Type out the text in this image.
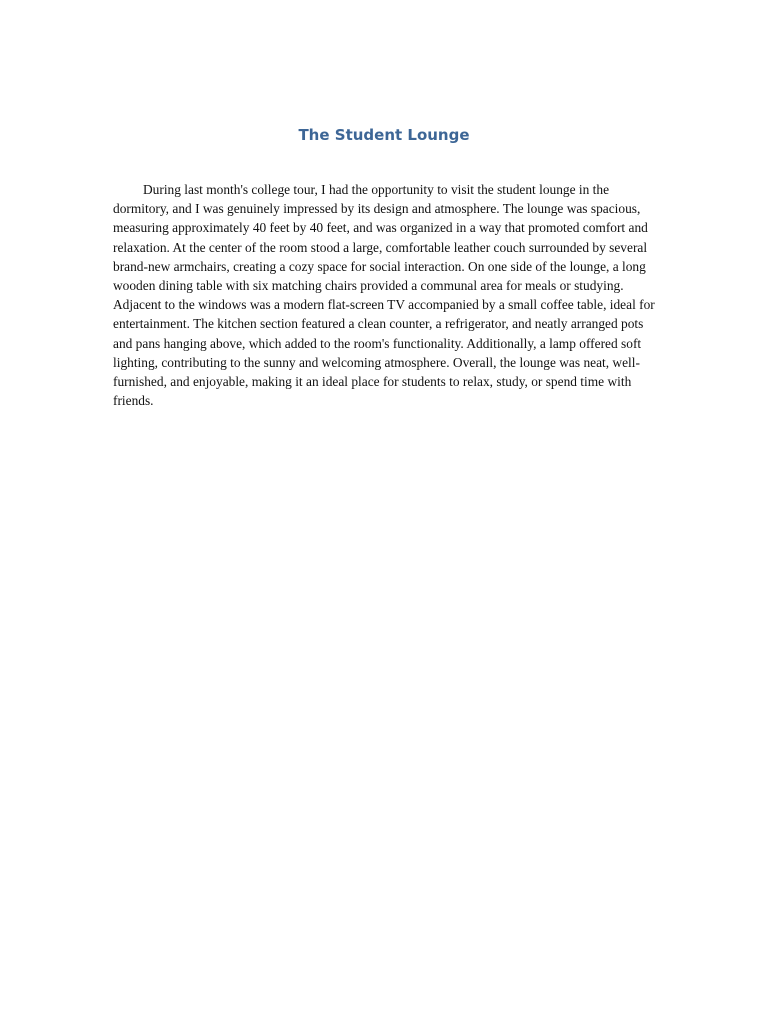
The Student Lounge

During last month's college tour, I had the opportunity to visit the student lounge in the dormitory, and I was genuinely impressed by its design and atmosphere. The lounge was spacious, measuring approximately 40 feet by 40 feet, and was organized in a way that promoted comfort and relaxation. At the center of the room stood a large, comfortable leather couch surrounded by several brand-new armchairs, creating a cozy space for social interaction. On one side of the lounge, a long wooden dining table with six matching chairs provided a communal area for meals or studying. Adjacent to the windows was a modern flat-screen TV accompanied by a small coffee table, ideal for entertainment. The kitchen section featured a clean counter, a refrigerator, and neatly arranged pots and pans hanging above, which added to the room's functionality. Additionally, a lamp offered soft lighting, contributing to the sunny and welcoming atmosphere. Overall, the lounge was neat, well-furnished, and enjoyable, making it an ideal place for students to relax, study, or spend time with friends.
